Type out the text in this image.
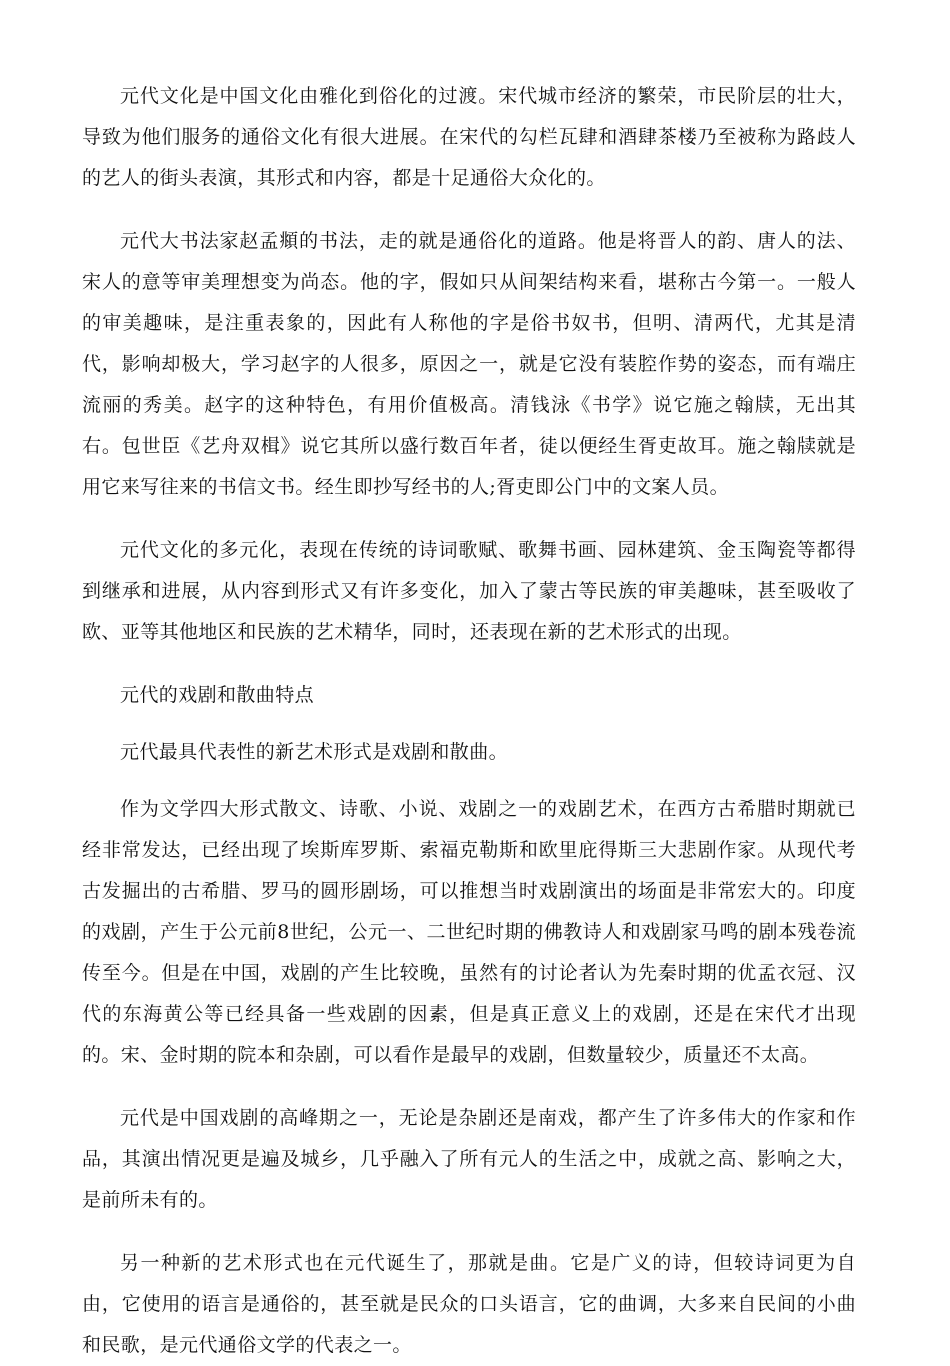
元代文化是中国文化由雅化到俗化的过渡。宋代城市经济的繁荣，市民阶层的壮大，导致为他们服务的通俗文化有很大进展。在宋代的勾栏瓦肆和酒肆茶楼乃至被称为路歧人的艺人的街头表演，其形式和内容，都是十足通俗大众化的。

元代大书法家赵孟頫的书法，走的就是通俗化的道路。他是将晋人的韵、唐人的法、宋人的意等审美理想变为尚态。他的字，假如只从间架结构来看，堪称古今第一。一般人的审美趣味，是注重表象的，因此有人称他的字是俗书奴书，但明、清两代，尤其是清代，影响却极大，学习赵字的人很多，原因之一，就是它没有装腔作势的姿态，而有端庄流丽的秀美。赵字的这种特色，有用价值极高。清钱泳《书学》说它施之翰牍，无出其右。包世臣《艺舟双楫》说它其所以盛行数百年者，徒以便经生胥吏故耳。施之翰牍就是用它来写往来的书信文书。经生即抄写经书的人;胥吏即公门中的文案人员。

元代文化的多元化，表现在传统的诗词歌赋、歌舞书画、园林建筑、金玉陶瓷等都得到继承和进展，从内容到形式又有许多变化，加入了蒙古等民族的审美趣味，甚至吸收了欧、亚等其他地区和民族的艺术精华，同时，还表现在新的艺术形式的出现。

元代的戏剧和散曲特点

元代最具代表性的新艺术形式是戏剧和散曲。

作为文学四大形式散文、诗歌、小说、戏剧之一的戏剧艺术，在西方古希腊时期就已经非常发达，已经出现了埃斯库罗斯、索福克勒斯和欧里庇得斯三大悲剧作家。从现代考古发掘出的古希腊、罗马的圆形剧场，可以推想当时戏剧演出的场面是非常宏大的。印度的戏剧，产生于公元前8世纪，公元一、二世纪时期的佛教诗人和戏剧家马鸣的剧本残卷流传至今。但是在中国，戏剧的产生比较晚，虽然有的讨论者认为先秦时期的优孟衣冠、汉代的东海黄公等已经具备一些戏剧的因素，但是真正意义上的戏剧，还是在宋代才出现的。宋、金时期的院本和杂剧，可以看作是最早的戏剧，但数量较少，质量还不太高。

元代是中国戏剧的高峰期之一，无论是杂剧还是南戏，都产生了许多伟大的作家和作品，其演出情况更是遍及城乡，几乎融入了所有元人的生活之中，成就之高、影响之大，是前所未有的。

另一种新的艺术形式也在元代诞生了，那就是曲。它是广义的诗，但较诗词更为自由，它使用的语言是通俗的，甚至就是民众的口头语言，它的曲调，大多来自民间的小曲和民歌，是元代通俗文学的代表之一。
